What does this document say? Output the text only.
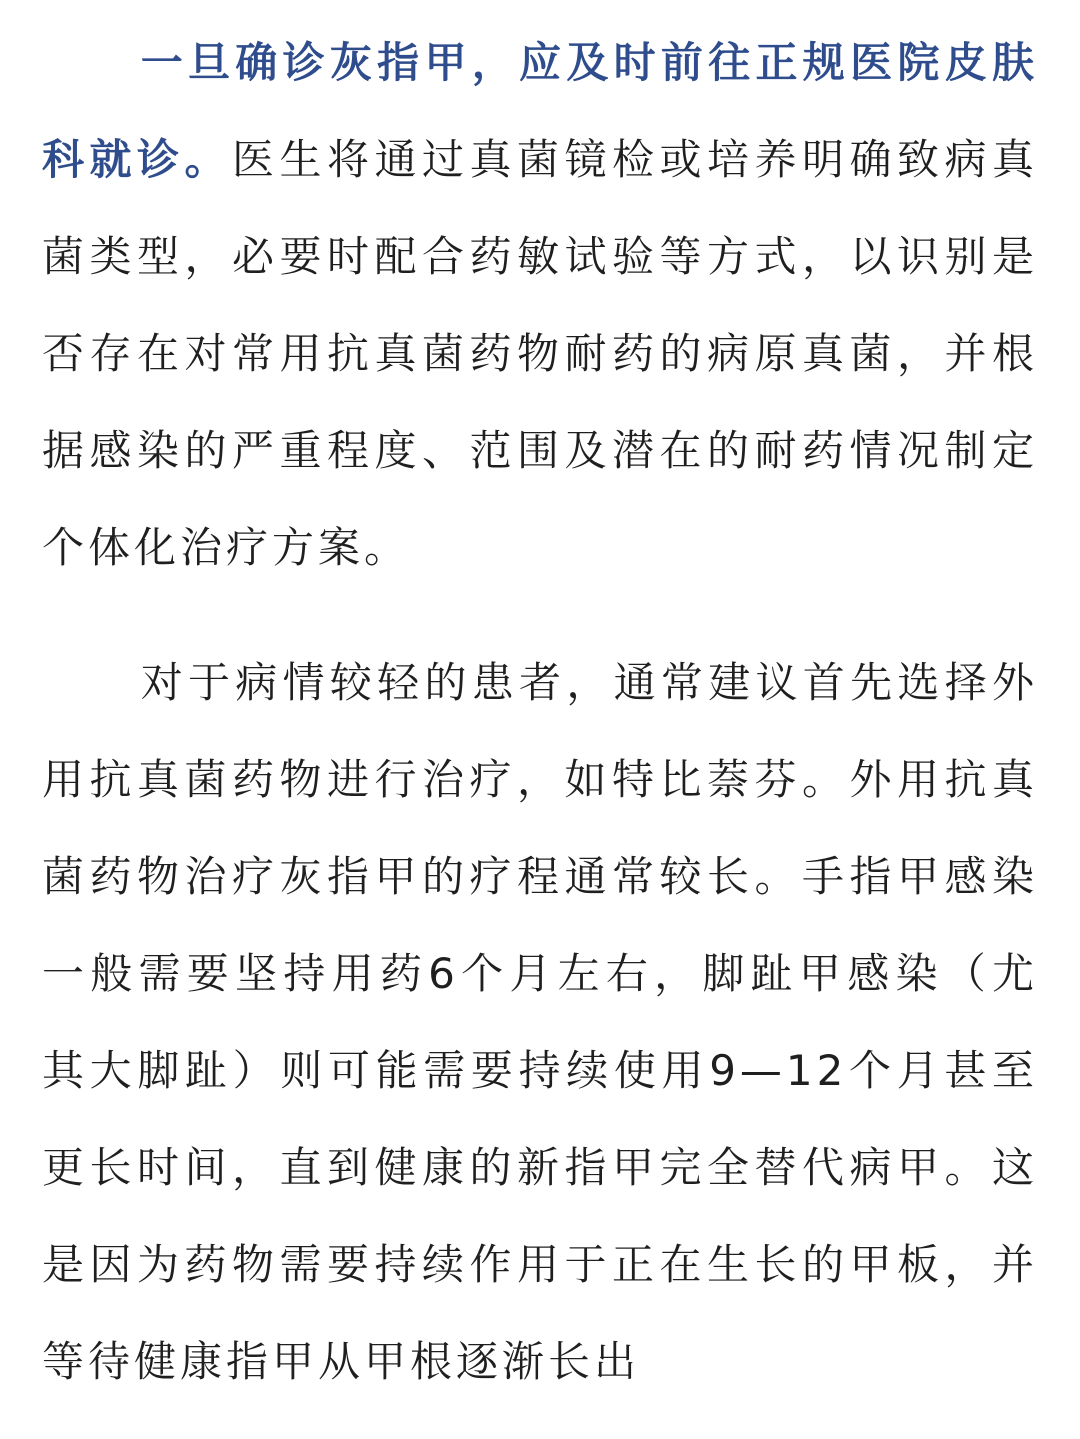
一旦确诊灰指甲，应及时前往正规医院皮肤科就诊。医生将通过真菌镜检或培养明确致病真菌类型，必要时配合药敏试验等方式，以识别是否存在对常用抗真菌药物耐药的病原真菌，并根据感染的严重程度、范围及潜在的耐药情况制定个体化治疗方案。

对于病情较轻的患者，通常建议首先选择外用抗真菌药物进行治疗，如特比萘芬。外用抗真菌药物治疗灰指甲的疗程通常较长。手指甲感染一般需要坚持用药6个月左右，脚趾甲感染（尤其大脚趾）则可能需要持续使用9—12个月甚至更长时间，直到健康的新指甲完全替代病甲。这是因为药物需要持续作用于正在生长的甲板，并等待健康指甲从甲根逐渐长出
